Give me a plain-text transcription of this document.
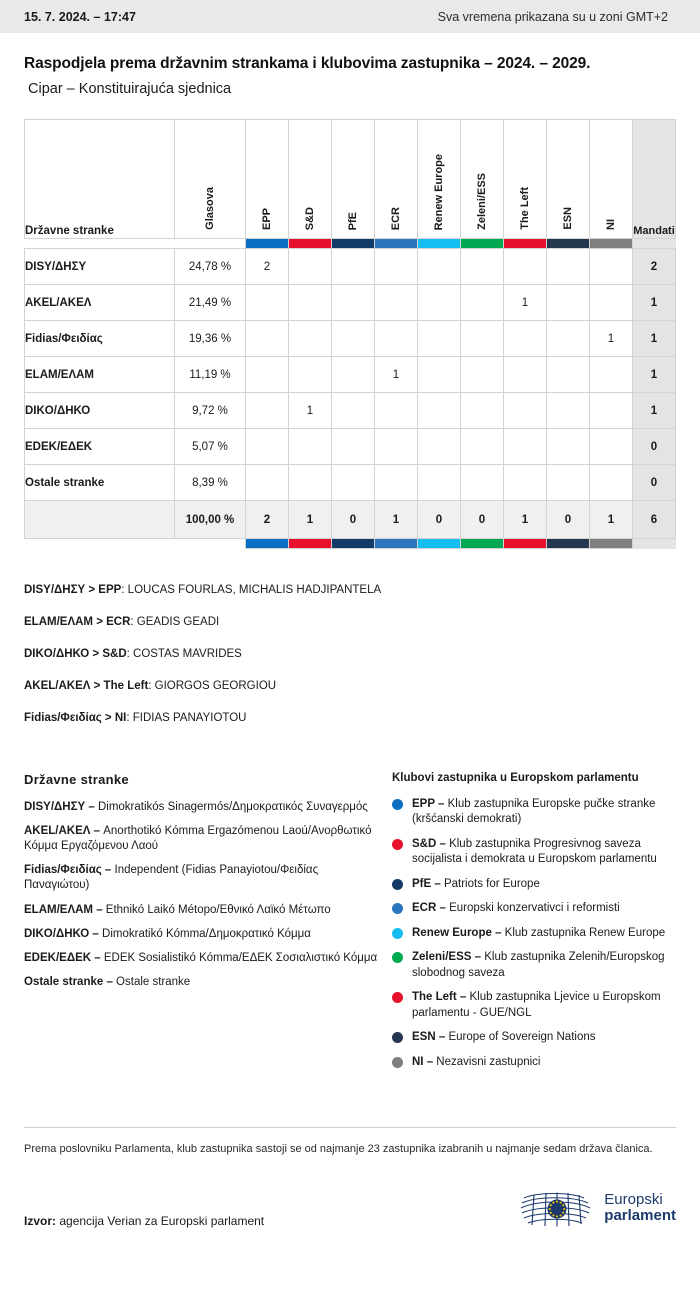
15. 7. 2024. – 17:47	Sva vremena prikazana su u zoni GMT+2
Raspodjela prema državnim strankama i klubovima zastupnika – 2024. – 2029.
Cipar – Konstituirajuća sjednica
Državne stranke	Glasova	EPP	S&D	PfE	ECR	Renew Europe	Zeleni/ESS	The Left	ESN	NI	Mandati

DISY/ΔΗΣΥ	24,78 %	2									2
AKEL/ΑΚΕΛ	21,49 %							1			1
Fidias/Φειδίας	19,36 %									1	1
ELAM/ΕΛΑΜ	11,19 %				1						1
DIKO/ΔΗΚΟ	9,72 %		1								1
EDEK/ΕΔΕΚ	5,07 %										0
Ostale stranke	8,39 %										0
	100,00 %	2	1	0	1	0	0	1	0	1	6

DISY/ΔΗΣΥ > EPP: LOUCAS FOURLAS, MICHALIS HADJIPANTELA
ELAM/ΕΛΑΜ > ECR: GEADIS GEADI
DIKO/ΔΗΚΟ > S&D: COSTAS MAVRIDES
AKEL/ΑΚΕΛ > The Left: GIORGOS GEORGIOU
Fidias/Φειδίας > NI: FIDIAS PANAYIOTOU
Državne stranke
DISY/ΔΗΣΥ – Dimokratikós Sinagermós/Δημοκρατικός Συναγερμός
AKEL/ΑΚΕΛ – Anorthotikó Kómma Ergazómenou Laoú/Ανορθωτικό Κόμμα Εργαζόμενου Λαού
Fidias/Φειδίας – Independent (Fidias Panayiotou/Φειδίας Παναγιώτου)
ELAM/ΕΛΑΜ – Ethnikó Laikó Métopo/Εθνικό Λαϊκό Μέτωπο
DIKO/ΔΗΚΟ – Dimokratikó Kómma/Δημοκρατικό Κόμμα
EDEK/ΕΔΕΚ – EDEK Sosialistikó Kómma/ΕΔΕΚ Σοσιαλιστικό Κόμμα
Ostale stranke – Ostale stranke
Klubovi zastupnika u Europskom parlamentu
EPP – Klub zastupnika Europske pučke stranke (kršćanski demokrati)
S&D – Klub zastupnika Progresivnog saveza socijalista i demokrata u Europskom parlamentu
PfE – Patriots for Europe
ECR – Europski konzervativci i reformisti
Renew Europe – Klub zastupnika Renew Europe
Zeleni/ESS – Klub zastupnika Zelenih/Europskog slobodnog saveza
The Left – Klub zastupnika Ljevice u Europskom parlamentu - GUE/NGL
ESN – Europe of Sovereign Nations
NI – Nezavisni zastupnici
Prema poslovniku Parlamenta, klub zastupnika sastoji se od najmanje 23 zastupnika izabranih u najmanje sedam država članica.
Izvor: agencija Verian za Europski parlament
Europski
parlament
